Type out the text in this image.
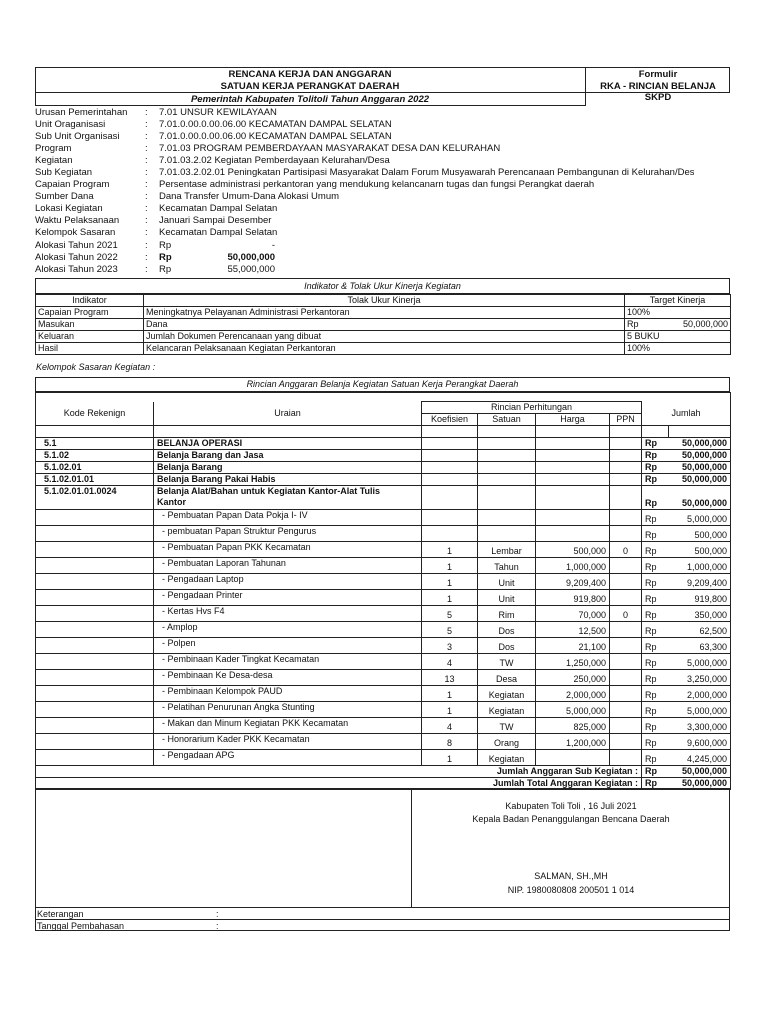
RENCANA KERJA DAN ANGGARAN
SATUAN KERJA PERANGKAT DAERAH
Formulir
RKA - RINCIAN BELANJA SKPD
Pemerintah Kabupaten Tolitoli Tahun Anggaran 2022
Urusan Pemerintahan	:	7.01 UNSUR KEWILAYAAN
Unit Oraganisasi	:	7.01.0.00.0.00.06.00 KECAMATAN DAMPAL SELATAN
Sub Unit Organisasi	:	7.01.0.00.0.00.06.00 KECAMATAN DAMPAL SELATAN
Program	:	7.01.03 PROGRAM PEMBERDAYAAN MASYARAKAT DESA DAN KELURAHAN
Kegiatan	:	7.01.03.2.02 Kegiatan Pemberdayaan Kelurahan/Desa
Sub Kegiatan	:	7.01.03.2.02.01 Peningkatan Partisipasi Masyarakat Dalam Forum Musyawarah Perencanaan Pembangunan di Kelurahan/Des
Capaian Program	:	Persentase administrasi perkantoran yang mendukung kelancanarn tugas dan fungsi Perangkat daerah
Sumber Dana	:	Dana Transfer Umum-Dana Alokasi Umum
Lokasi Kegiatan	:	Kecamatan Dampal Selatan
Waktu Pelaksanaan	:	Januari Sampai Desember
Kelompok Sasaran	:	Kecamatan Dampal Selatan
Alokasi Tahun 2021	:	Rp	-
Alokasi Tahun 2022	:	Rp	50,000,000
Alokasi Tahun 2023	:	Rp	55,000,000
Indikator & Tolak Ukur Kinerja Kegiatan
Indikator	Tolak Ukur Kinerja	Target Kinerja	
Capaian Program	Meningkatnya Pelayanan Administrasi Perkantoran	100%	
Masukan	Dana	Rp	50,000,000
Keluaran	Jumlah Dokumen Perencanaan yang dibuat	5 BUKU	
Hasil	Kelancaran Pelaksanaan Kegiatan Perkantoran	100%	
Kelompok Sasaran Kegiatan :
Rincian Anggaran Belanja Kegiatan Satuan Kerja Perangkat Daerah

Kode Rekenign	Uraian	Rincian Perhitungan				Jumlah	
		Koefisien	Satuan	Harga	PPN		

5.1	BELANJA OPERASI					Rp	50,000,000
5.1.02	Belanja Barang dan Jasa					Rp	50,000,000
5.1.02.01	Belanja Barang					Rp	50,000,000
5.1.02.01.01	Belanja Barang Pakai Habis					Rp	50,000,000
5.1.02.01.01.0024	Belanja Alat/Bahan untuk Kegiatan Kantor-Alat Tulis
Kantor					Rp	50,000,000
	- Pembuatan Papan Data Pokja I- IV					Rp	5,000,000
	- pembuatan Papan Struktur Pengurus					Rp	500,000
	- Pembuatan Papan PKK Kecamatan	1	Lembar	500,000	0	Rp	500,000
	- Pembuatan Laporan Tahunan	1	Tahun	1,000,000		Rp	1,000,000
	- Pengadaan Laptop	1	Unit	9,209,400		Rp	9,209,400
	- Pengadaan Printer	1	Unit	919,800		Rp	919,800
	- Kertas Hvs F4	5	Rim	70,000	0	Rp	350,000
	- Amplop	5	Dos	12,500		Rp	62,500
	- Polpen	3	Dos	21,100		Rp	63,300
	- Pembinaan Kader Tingkat Kecamatan	4	TW	1,250,000		Rp	5,000,000
	- Pembinaan Ke Desa-desa	13	Desa	250,000		Rp	3,250,000
	- Pembinaan Kelompok PAUD	1	Kegiatan	2,000,000		Rp	2,000,000
	- Pelatihan Penurunan Angka Stunting	1	Kegiatan	5,000,000		Rp	5,000,000
	- Makan dan Minum Kegiatan PKK Kecamatan	4	TW	825,000		Rp	3,300,000
	- Honorarium Kader PKK Kecamatan	8	Orang	1,200,000		Rp	9,600,000
	- Pengadaan APG	1	Kegiatan			Rp	4,245,000
Jumlah Anggaran Sub Kegiatan :						Rp	50,000,000
Jumlah Total Anggaran Kegiatan :						Rp	50,000,000
Kabupaten Toli Toli , 16 Juli 2021
Kepala Badan Penanggulangan Bencana Daerah
SALMAN, SH.,MH
NIP. 1980080808 200501 1 014
Keterangan	:
Tanggal Pembahasan	:
